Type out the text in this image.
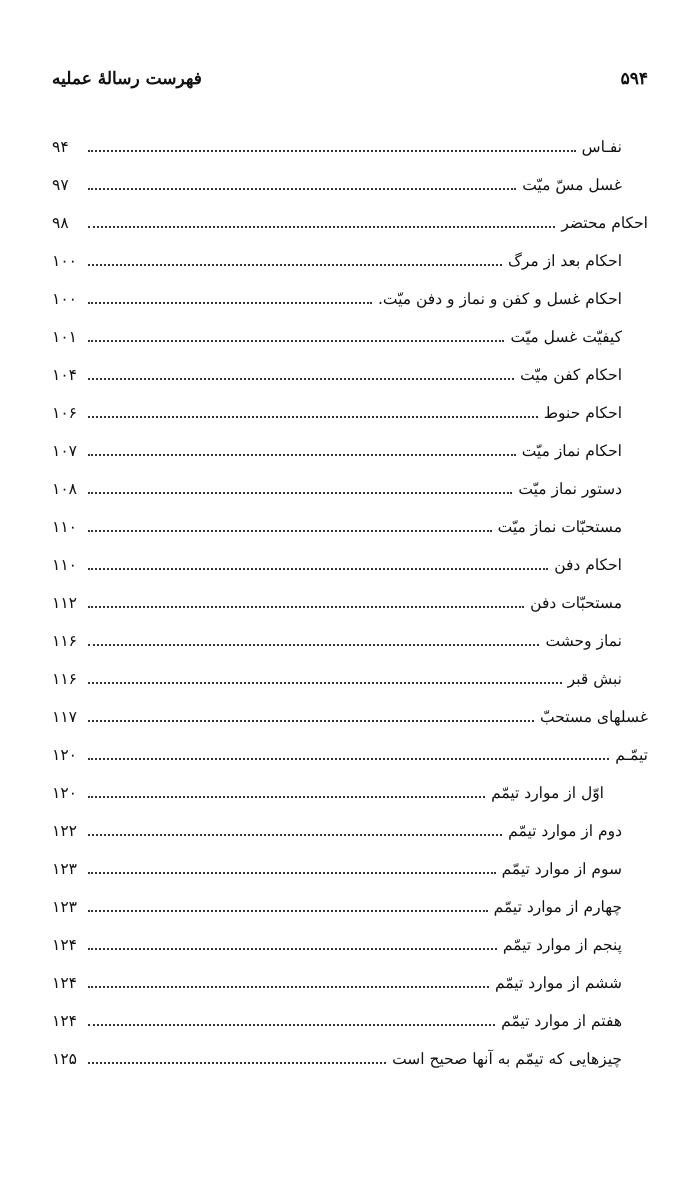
۵۹۴
فهرست رسالهٔ عملیه
نفـاس
۹۴
غسل مسّ میّت
۹۷
احکام محتضر
۹۸
احکام بعد از مرگ
۱۰۰
احکام غسل و کفن و نماز و دفن میّت.
۱۰۰
کیفیّت غسل میّت
۱۰۱
احکام کفن میّت
۱۰۴
احکام حنوط
۱۰۶
احکام نماز میّت
۱۰۷
دستور نماز میّت
۱۰۸
مستحبّات نماز میّت
۱۱۰
احکام دفن
۱۱۰
مستحبّات دفن
۱۱۲
نماز وحشت
۱۱۶
نبش قبر
۱۱۶
غسلهای مستحبّ
۱۱۷
تیمّـم
۱۲۰
اوّل از موارد تیمّم
۱۲۰
دوم از موارد تیمّم
۱۲۲
سوم از موارد تیمّم
۱۲۳
چهارم از موارد تیمّم
۱۲۳
پنجم از موارد تیمّم
۱۲۴
ششم از موارد تیمّم
۱۲۴
هفتم از موارد تیمّم
۱۲۴
چیزهایی که تیمّم به آنها صحیح است
۱۲۵
